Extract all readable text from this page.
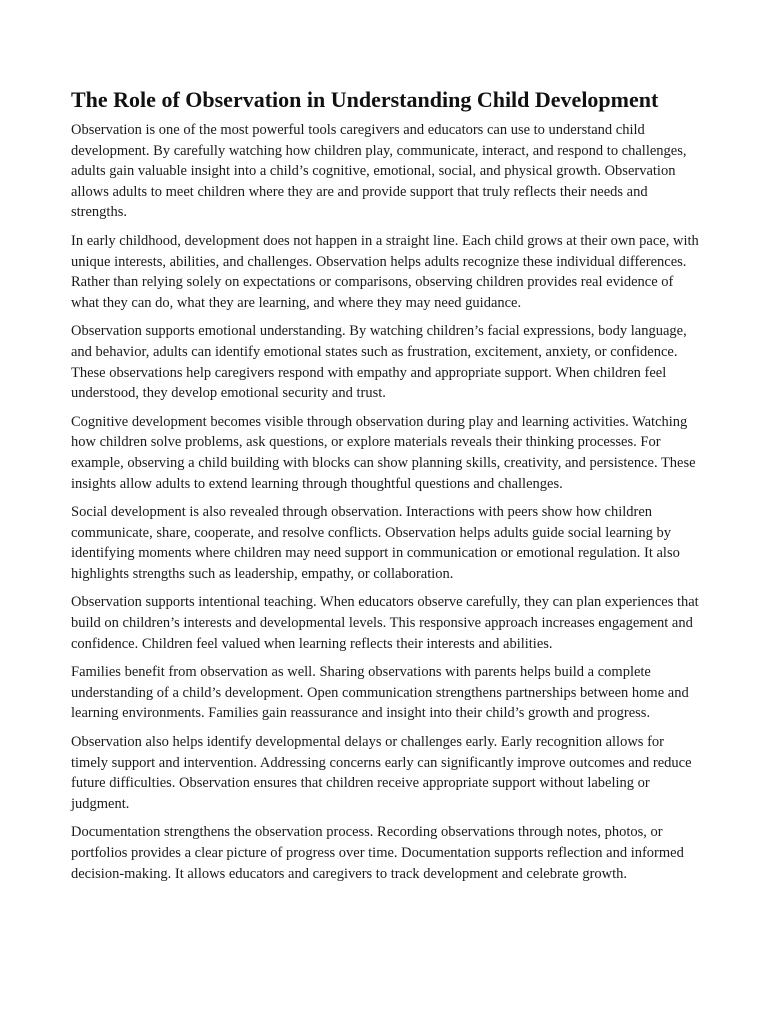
The Role of Observation in Understanding Child Development

Observation is one of the most powerful tools caregivers and educators can use to understand child development. By carefully watching how children play, communicate, interact, and respond to challenges, adults gain valuable insight into a child’s cognitive, emotional, social, and physical growth. Observation allows adults to meet children where they are and provide support that truly reflects their needs and strengths.

In early childhood, development does not happen in a straight line. Each child grows at their own pace, with unique interests, abilities, and challenges. Observation helps adults recognize these individual differences. Rather than relying solely on expectations or comparisons, observing children provides real evidence of what they can do, what they are learning, and where they may need guidance.

Observation supports emotional understanding. By watching children’s facial expressions, body language, and behavior, adults can identify emotional states such as frustration, excitement, anxiety, or confidence. These observations help caregivers respond with empathy and appropriate support. When children feel understood, they develop emotional security and trust.

Cognitive development becomes visible through observation during play and learning activities. Watching how children solve problems, ask questions, or explore materials reveals their thinking processes. For example, observing a child building with blocks can show planning skills, creativity, and persistence. These insights allow adults to extend learning through thoughtful questions and challenges.

Social development is also revealed through observation. Interactions with peers show how children communicate, share, cooperate, and resolve conflicts. Observation helps adults guide social learning by identifying moments where children may need support in communication or emotional regulation. It also highlights strengths such as leadership, empathy, or collaboration.

Observation supports intentional teaching. When educators observe carefully, they can plan experiences that build on children’s interests and developmental levels. This responsive approach increases engagement and confidence. Children feel valued when learning reflects their interests and abilities.

Families benefit from observation as well. Sharing observations with parents helps build a complete understanding of a child’s development. Open communication strengthens partnerships between home and learning environments. Families gain reassurance and insight into their child’s growth and progress.

Observation also helps identify developmental delays or challenges early. Early recognition allows for timely support and intervention. Addressing concerns early can significantly improve outcomes and reduce future difficulties. Observation ensures that children receive appropriate support without labeling or judgment.

Documentation strengthens the observation process. Recording observations through notes, photos, or portfolios provides a clear picture of progress over time. Documentation supports reflection and informed decision-making. It allows educators and caregivers to track development and celebrate growth.
